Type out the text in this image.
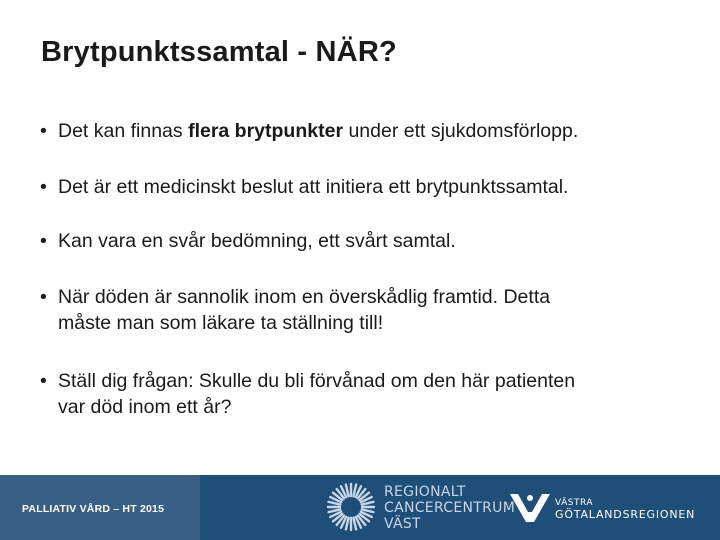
Brytpunktssamtal - NÄR?
• Det kan finnas flera brytpunkter under ett sjukdomsförlopp.
• Det är ett medicinskt beslut att initiera ett brytpunktssamtal.
• Kan vara en svår bedömning, ett svårt samtal.
• När döden är sannolik inom en överskådlig framtid. Detta
måste man som läkare ta ställning till!
• Ställ dig frågan: Skulle du bli förvånad om den här patienten
var död inom ett år?
PALLIATIV VÅRD – HT 2015
REGIONALT
CANCERCENTRUM
VÄST
VÄSTRA
GÖTALANDSREGIONEN
